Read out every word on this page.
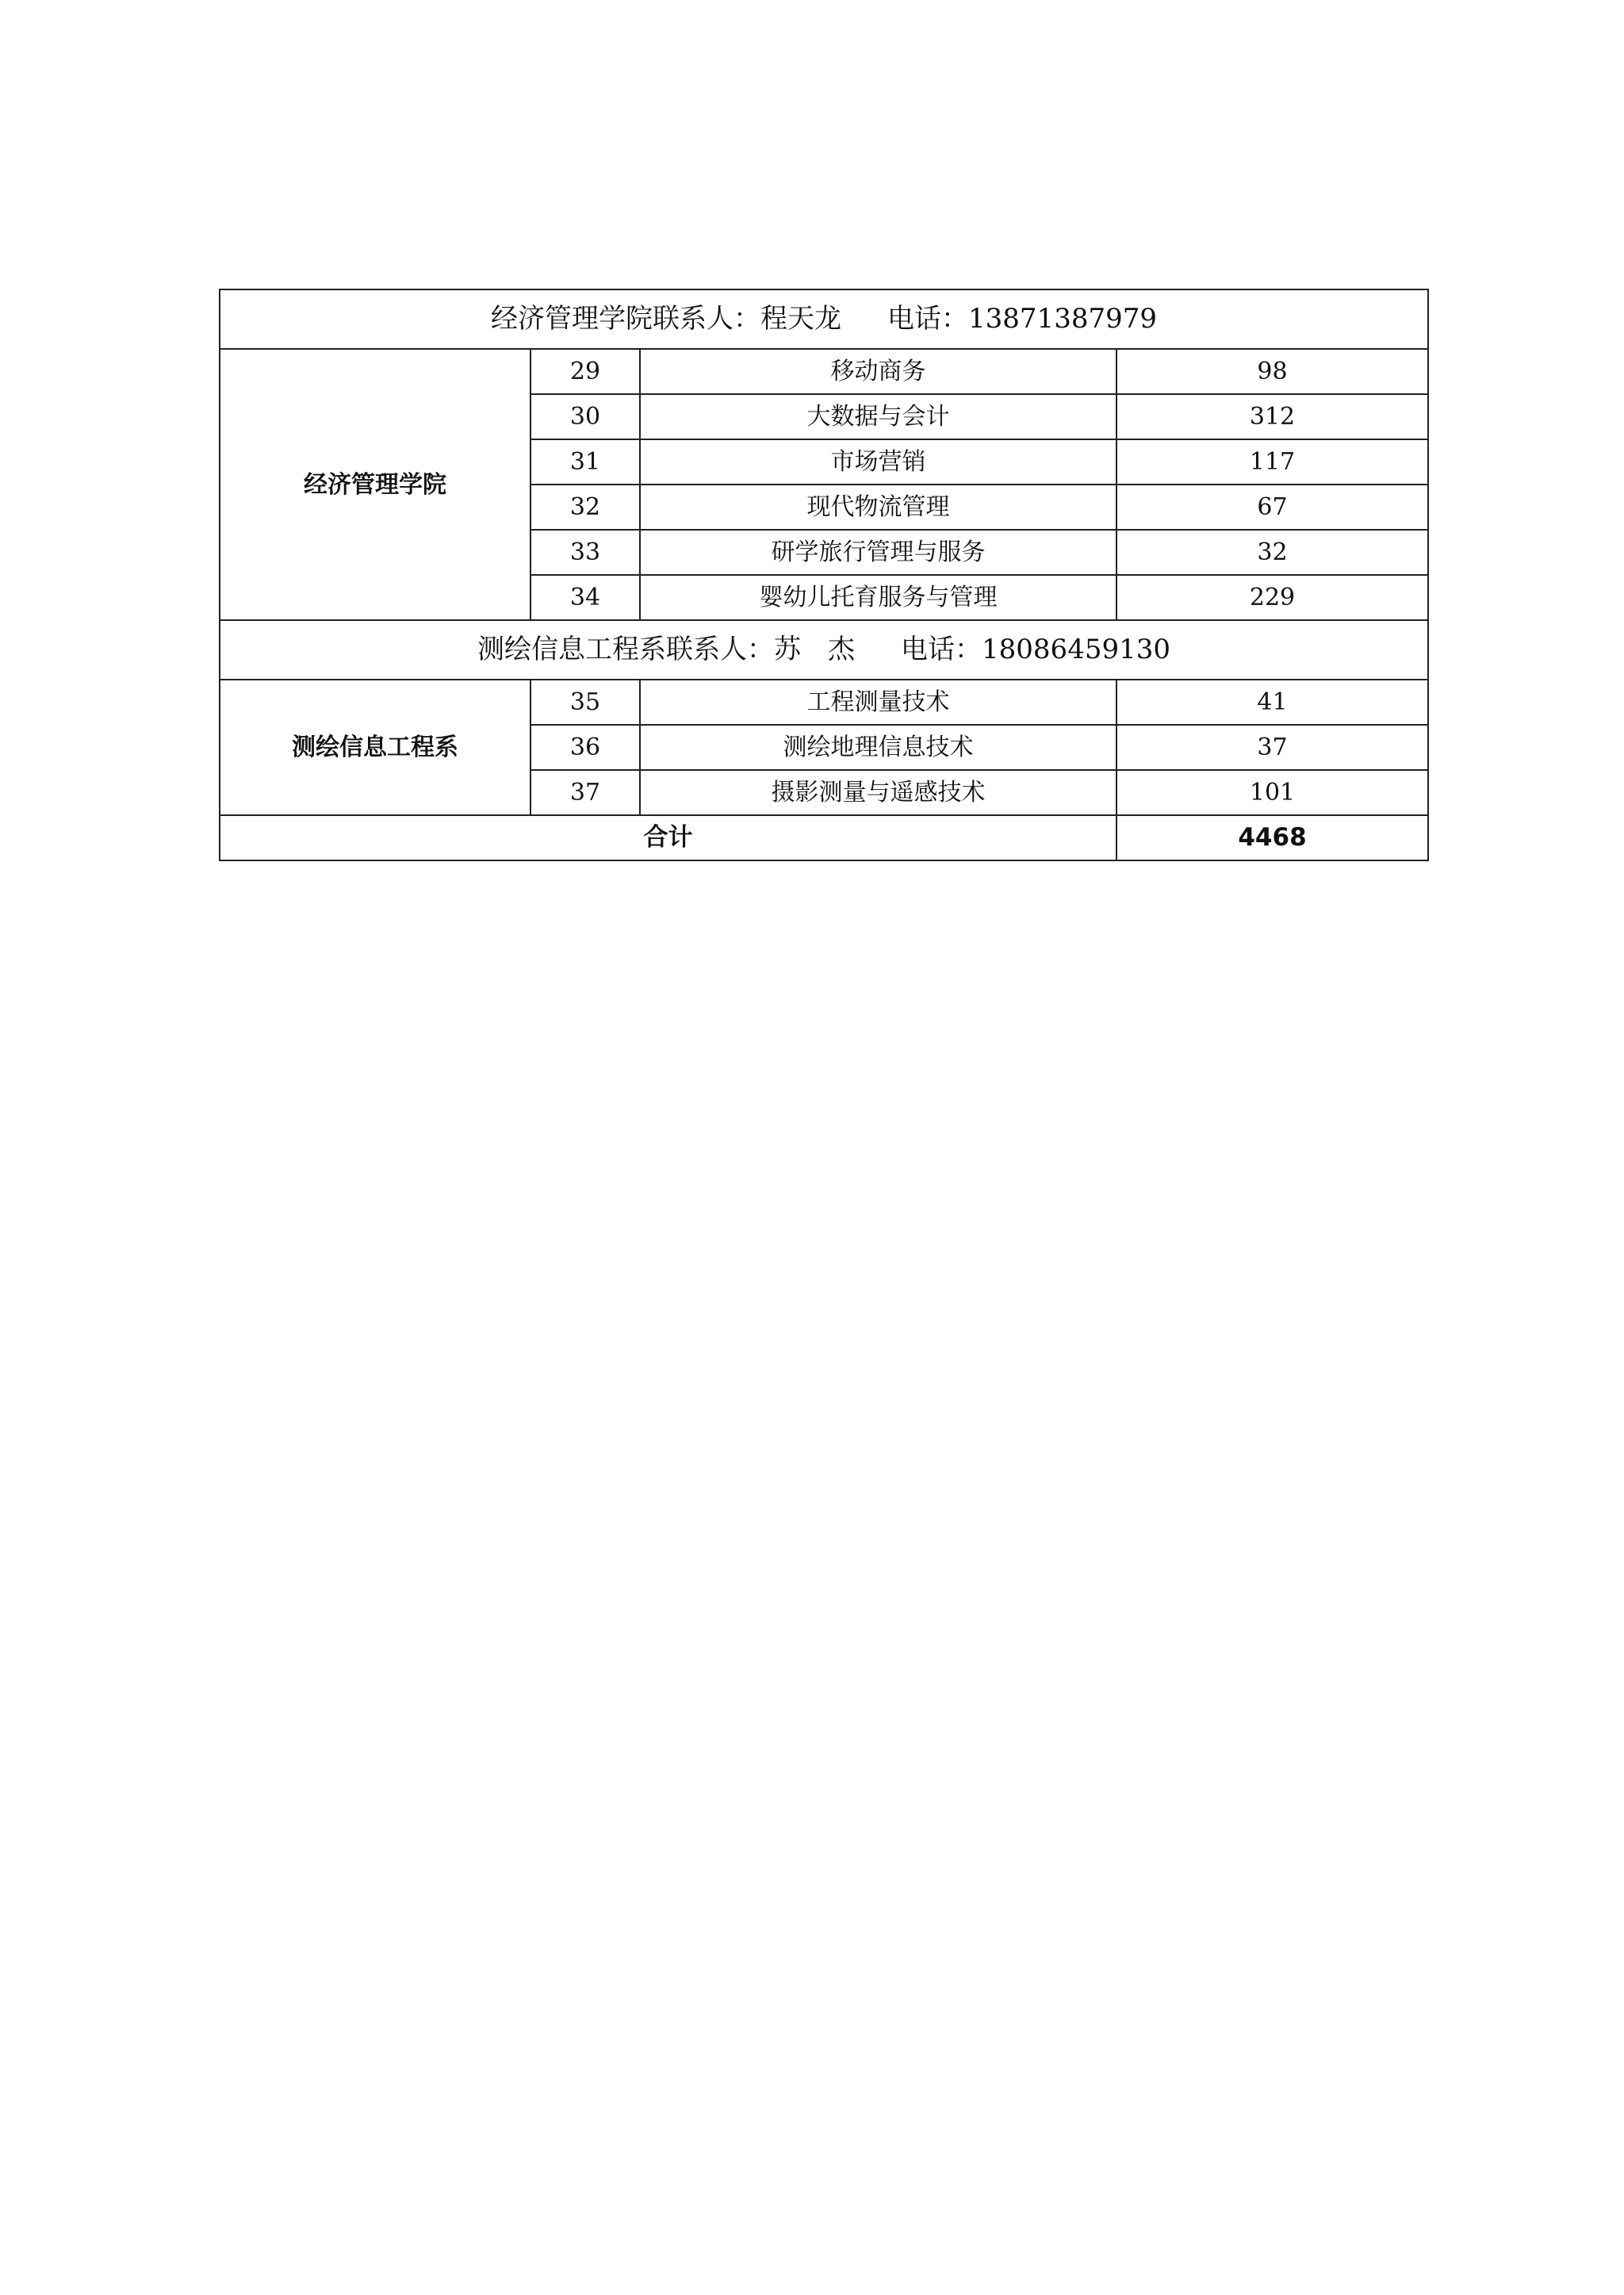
经济管理学院联系人：程天龙 电话：13871387979			
经济管理学院	29	移动商务	98
	30	大数据与会计	312
	31	市场营销	117
	32	现代物流管理	67
	33	研学旅行管理与服务	32
	34	婴幼儿托育服务与管理	229
测绘信息工程系联系人：苏 杰 电话：18086459130			
测绘信息工程系	35	工程测量技术	41
	36	测绘地理信息技术	37
	37	摄影测量与遥感技术	101
合计			4468
